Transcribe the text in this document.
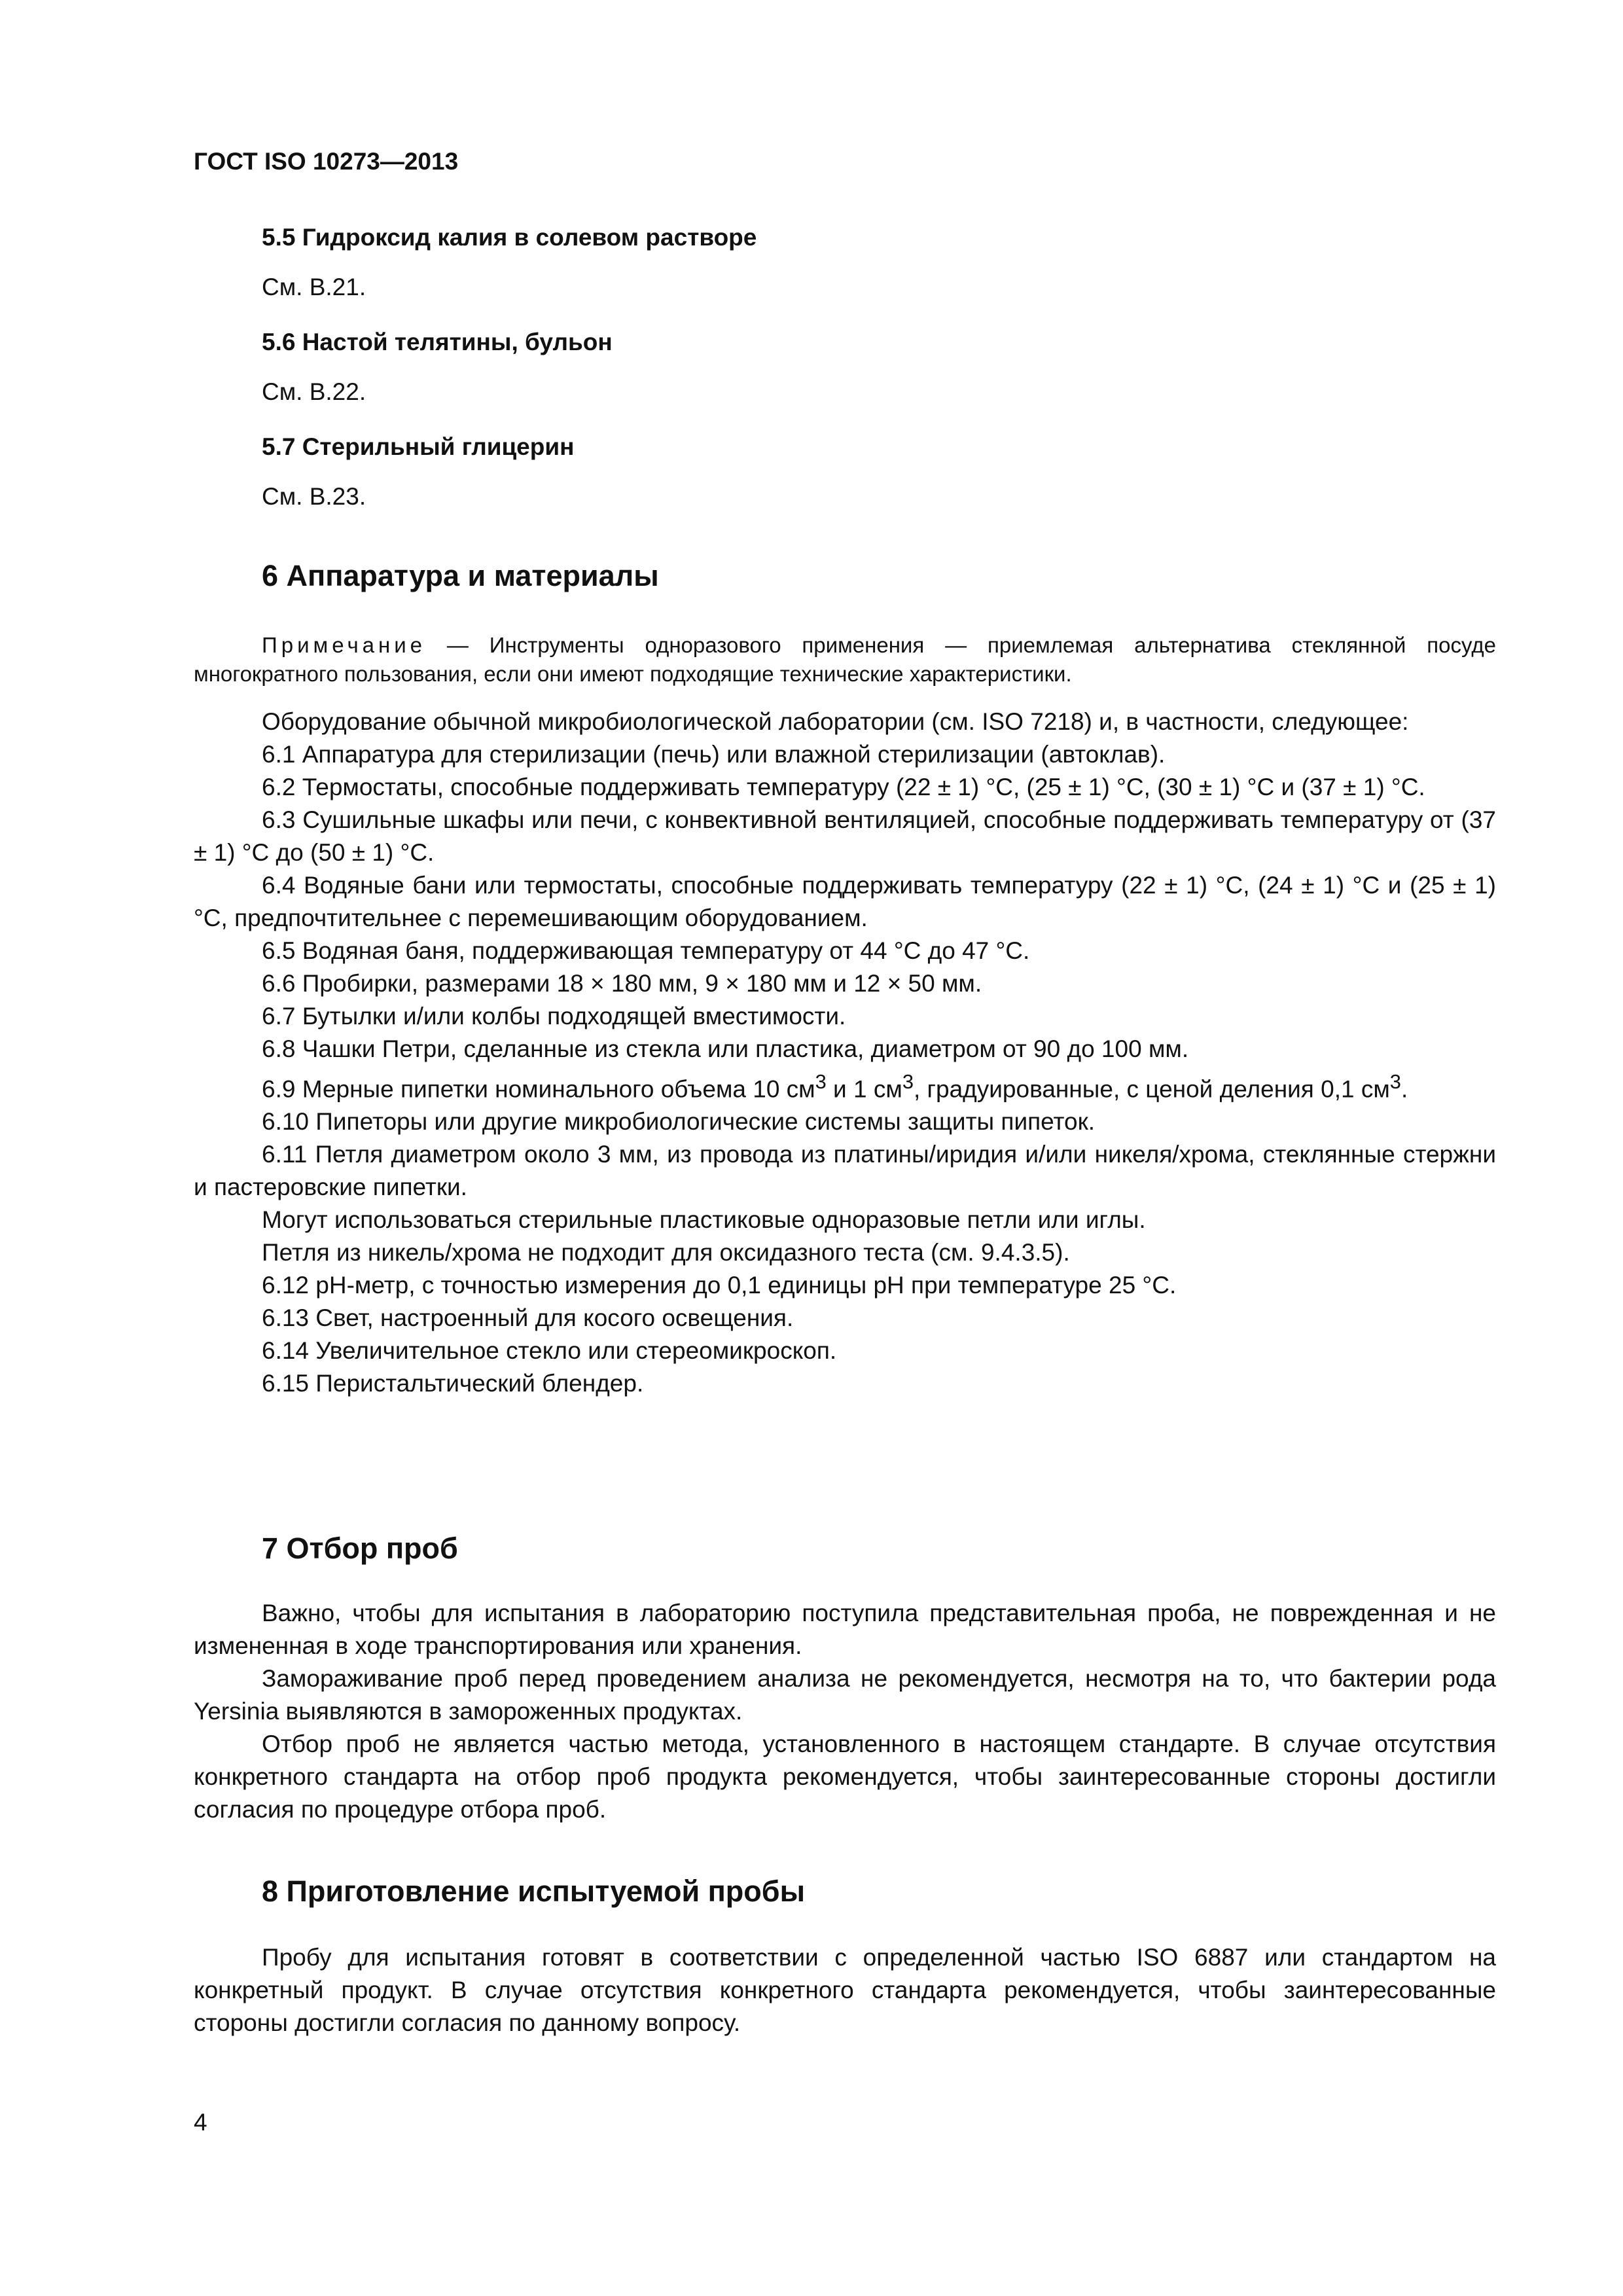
ГОСТ ISO 10273—2013
5.5 Гидроксид калия в солевом растворе
См. В.21.
5.6 Настой телятины, бульон
См. В.22.
5.7 Стерильный глицерин
См. В.23.
6 Аппаратура и материалы

Примечание — Инструменты одноразового применения — приемлемая альтернатива стеклянной посуде многократного пользования, если они имеют подходящие технические характеристики.

Оборудование обычной микробиологической лаборатории (см. ISO 7218) и, в частности, следующее:

6.1 Аппаратура для стерилизации (печь) или влажной стерилизации (автоклав).

6.2 Термостаты, способные поддерживать температуру (22 ± 1) °С, (25 ± 1) °С, (30 ± 1) °С и (37 ± 1) °С.

6.3 Сушильные шкафы или печи, с конвективной вентиляцией, способные поддерживать температуру от (37 ± 1) °С до (50 ± 1) °С.

6.4 Водяные бани или термостаты, способные поддерживать температуру (22 ± 1) °С, (24 ± 1) °С и (25 ± 1) °С, предпочтительнее с перемешивающим оборудованием.

6.5 Водяная баня, поддерживающая температуру от 44 °С до 47 °С.

6.6 Пробирки, размерами 18 × 180 мм, 9 × 180 мм и 12 × 50 мм.

6.7 Бутылки и/или колбы подходящей вместимости.

6.8 Чашки Петри, сделанные из стекла или пластика, диаметром от 90 до 100 мм.

6.9 Мерные пипетки номинального объема 10 $см^3$ и 1 $см^3$, градуированные, с ценой деления 0,1 $см^3$.

6.10 Пипеторы или другие микробиологические системы защиты пипеток.

6.11 Петля диаметром около 3 мм, из провода из платины/иридия и/или никеля/хрома, стеклянные стержни и пастеровские пипетки.

Могут использоваться стерильные пластиковые одноразовые петли или иглы.

Петля из никель/хрома не подходит для оксидазного теста (см. 9.4.3.5).

6.12 pH-метр, с точностью измерения до 0,1 единицы pH при температуре 25 °С.

6.13 Свет, настроенный для косого освещения.

6.14 Увеличительное стекло или стереомикроскоп.

6.15 Перистальтический блендер.

7 Отбор проб

Важно, чтобы для испытания в лабораторию поступила представительная проба, не поврежденная и не измененная в ходе транспортирования или хранения.

Замораживание проб перед проведением анализа не рекомендуется, несмотря на то, что бактерии рода Yersinia выявляются в замороженных продуктах.

Отбор проб не является частью метода, установленного в настоящем стандарте. В случае отсутствия конкретного стандарта на отбор проб продукта рекомендуется, чтобы заинтересованные стороны достигли согласия по процедуре отбора проб.

8 Приготовление испытуемой пробы

Пробу для испытания готовят в соответствии с определенной частью ISO 6887 или стандартом на конкретный продукт. В случае отсутствия конкретного стандарта рекомендуется, чтобы заинтересованные стороны достигли согласия по данному вопросу.

4
